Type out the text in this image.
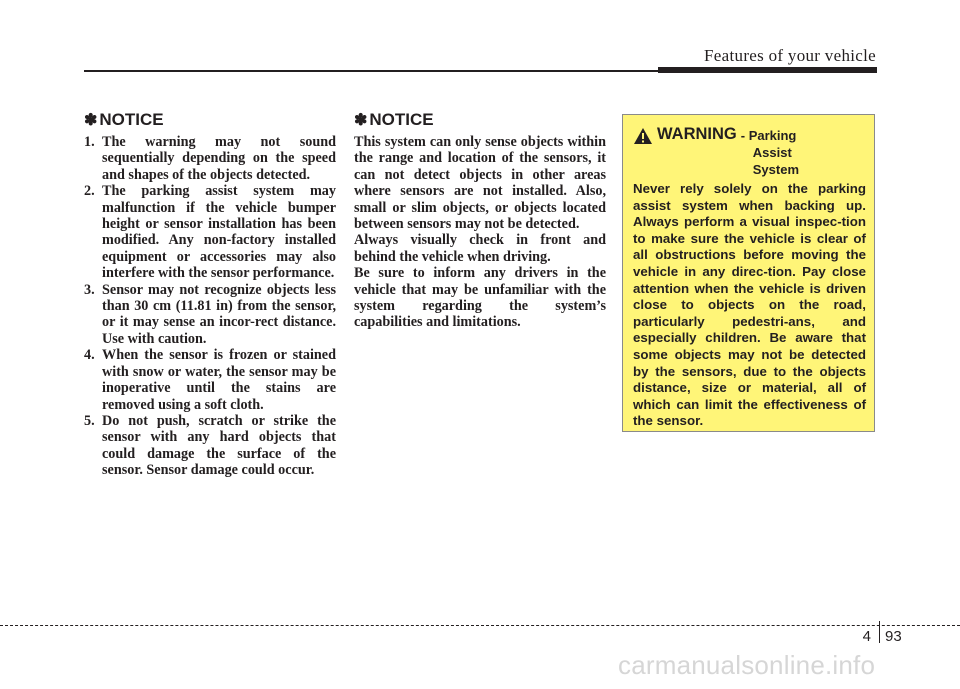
Features of your vehicle
✽ NOTICE
1. The warning may not sound sequentially depending on the speed and shapes of the objects detected.
2. The parking assist system may malfunction if the vehicle bumper height or sensor installation has been modified. Any non-factory installed equipment or accessories may also interfere with the sensor performance.
3. Sensor may not recognize objects less than 30 cm (11.81 in) from the sensor, or it may sense an incor-rect distance. Use with caution.
4. When the sensor is frozen or stained with snow or water, the sensor may be inoperative until the stains are removed using a soft cloth.
5. Do not push, scratch or strike the sensor with any hard objects that could damage the surface of the sensor. Sensor damage could occur.
✽ NOTICE

This system can only sense objects within the range and location of the sensors, it can not detect objects in other areas where sensors are not installed. Also, small or slim objects, or objects located between sensors may not be detected.

Always visually check in front and behind the vehicle when driving.

Be sure to inform any drivers in the vehicle that may be unfamiliar with the system regarding the system’s capabilities and limitations.

WARNING - Parking
Assist
System

Never rely solely on the parking assist system when backing up. Always perform a visual inspec-tion to make sure the vehicle is clear of all obstructions before moving the vehicle in any direc-tion. Pay close attention when the vehicle is driven close to objects on the road, particularly pedestri-ans, and especially children. Be aware that some objects may not be detected by the sensors, due to the objects distance, size or material, all of which can limit the effectiveness of the sensor.

4 93
carmanualsonline.info
